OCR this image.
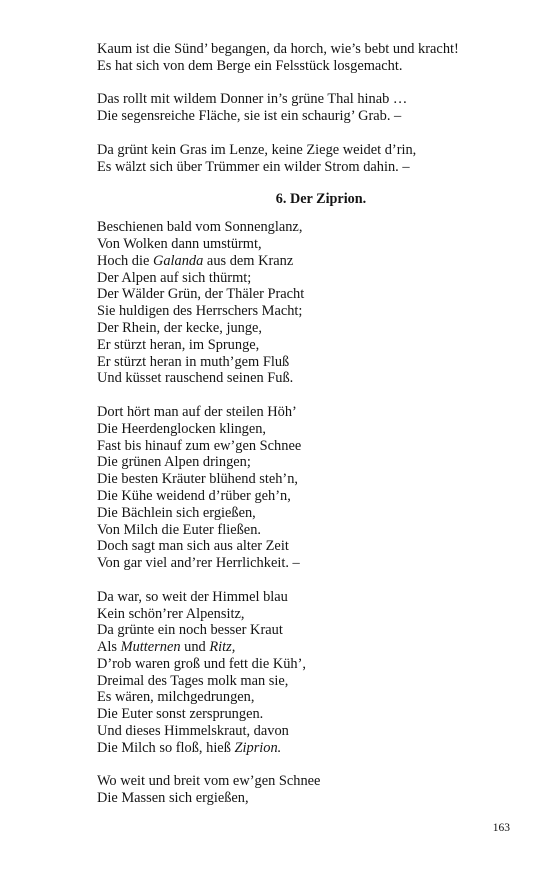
Kaum ist die Sünd’ begangen, da horch, wie’s bebt und kracht!
Es hat sich von dem Berge ein Felsstück losgemacht.
Das rollt mit wildem Donner in’s grüne Thal hinab …
Die segensreiche Fläche, sie ist ein schaurig’ Grab. –
Da grünt kein Gras im Lenze, keine Ziege weidet d’rin,
Es wälzt sich über Trümmer ein wilder Strom dahin. –
6. Der Ziprion.
Beschienen bald vom Sonnenglanz,
Von Wolken dann umstürmt,
Hoch die Galanda aus dem Kranz
Der Alpen auf sich thürmt;
Der Wälder Grün, der Thäler Pracht
Sie huldigen des Herrschers Macht;
Der Rhein, der kecke, junge,
Er stürzt heran, im Sprunge,
Er stürzt heran in muth’gem Fluß
Und küsset rauschend seinen Fuß.
Dort hört man auf der steilen Höh’
Die Heerdenglocken klingen,
Fast bis hinauf zum ew’gen Schnee
Die grünen Alpen dringen;
Die besten Kräuter blühend steh’n,
Die Kühe weidend d’rüber geh’n,
Die Bächlein sich ergießen,
Von Milch die Euter fließen.
Doch sagt man sich aus alter Zeit
Von gar viel and’rer Herrlichkeit. –
Da war, so weit der Himmel blau
Kein schön’rer Alpensitz,
Da grünte ein noch besser Kraut
Als Mutternen und Ritz,
D’rob waren groß und fett die Küh’,
Dreimal des Tages molk man sie,
Es wären, milchgedrungen,
Die Euter sonst zersprungen.
Und dieses Himmelskraut, davon
Die Milch so floß, hieß Ziprion.
Wo weit und breit vom ew’gen Schnee
Die Massen sich ergießen,
163
